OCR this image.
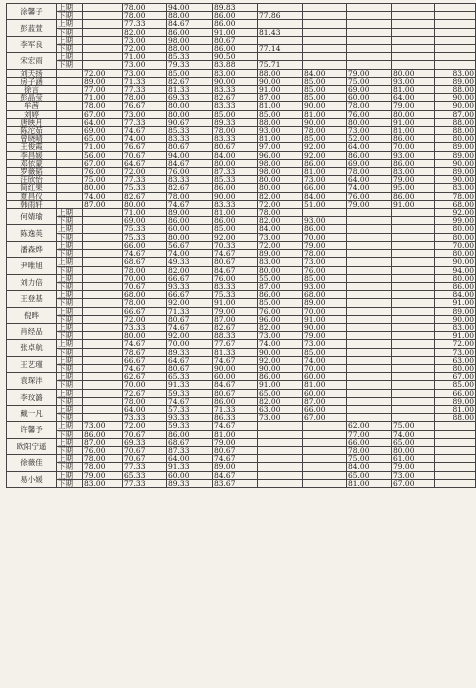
涂馨子	上期		78.00	94.00	89.83					
	下期		78.00	88.00	86.00	77.86				
彭蓝萱	上期		77.33	84.67	86.00					
	下期		82.00	86.00	91.00	81.43				
李军良	上期		73.00	98.00	80.67					
	下期		72.00	88.00	86.00	77.14				
宋宏雨	上期		71.00	85.33	90.50					
	下期		73.00	79.33	83.88	75.71				
刘天扬		72.00	73.00	85.00	83.00	88.00	84.00	79.00	80.00	83.00
房子涵		89.00	71.33	82.67	90.00	90.00	85.00	75.00	93.00	89.00
徐言		77.00	77.33	81.33	83.33	91.00	85.00	69.00	81.00	88.00
彭晶莹		71.00	78.00	69.33	82.67	87.00	85.00	60.00	64.00	90.00
牟茜		78.00	76.67	80.00	83.33	81.00	90.00	78.00	79.00	90.00
刘婷		67.00	73.00	80.00	85.00	85.00	81.00	76.00	80.00	87.00
唐映月		64.00	77.33	90.67	89.33	88.00	90.00	80.00	91.00	88.00
陈沱茹		69.00	74.67	85.33	78.00	93.00	78.00	73.00	81.00	88.00
曾晓晴		65.00	74.00	83.33	83.33	81.00	85.00	52.00	86.00	80.00
王俊霞		71.00	76.67	80.67	80.67	97.00	92.00	64.00	70.00	89.00
李昌媛		56.00	70.67	94.00	84.00	96.00	92.00	86.00	93.00	89.00
邓依蒙		67.00	64.67	84.67	80.00	98.00	86.00	69.00	86.00	90.00
罗薇韬		76.00	72.00	76.00	87.33	98.00	81.00	78.00	83.00	89.00
汪欣怡		75.00	77.33	83.33	85.33	80.00	73.00	64.00	79.00	90.00
简红果		80.00	75.33	82.67	86.00	80.00	66.00	74.00	95.00	83.00
夏昌仪		74.00	82.67	78.00	90.00	82.00	84.00	76.00	86.00	78.00
韩雨轩		87.00	80.00	74.67	83.33	72.00	51.00	79.00	91.00	68.00
何婧瑜	上期		71.00	89.00	81.00	78.00				92.00
	下期		69.00	86.00	86.00	82.00	93.00			99.00
陈逸英	上期		75.33	60.00	85.00	84.00	86.00			80.00
	下期		75.33	80.00	92.00	73.00	70.00			80.00
潘森烨	上期		66.00	56.67	70.33	72.00	79.00			70.00
	下期		74.67	74.00	74.67	89.00	78.00			80.00
尹唯旭	上期		68.67	49.33	80.67	83.00	73.00			90.00
	下期		78.00	82.00	84.67	80.00	76.00			94.00
刘力倍	上期		70.00	66.67	76.00	55.00	85.00			80.00
	下期		70.67	93.33	83.33	87.00	93.00			86.00
王登基	上期		68.00	66.67	75.33	86.00	68.00			84.00
	下期		78.00	92.00	91.00	85.00	89.00			91.00
倪晔	上期		66.67	71.33	79.00	76.00	70.00			89.00
	下期		72.00	80.67	87.00	96.00	91.00			90.00
肖经品	上期		73.33	74.67	82.67	82.00	90.00			83.00
	下期		80.00	92.00	88.33	73.00	79.00			91.00
张卓航	上期		74.67	70.00	77.67	74.00	73.00			72.00
	下期		78.67	89.33	81.33	90.00	85.00			73.00
王艺瑾	上期		66.67	64.67	74.67	92.00	74.00			63.00
	下期		74.67	80.67	90.00	90.00	70.00			80.00
袁琛沣	上期		62.67	65.33	60.00	86.00	60.00			67.00
	下期		70.00	91.33	84.67	91.00	81.00			85.00
李玟潞	上期		72.67	59.33	80.67	65.00	60.00			66.00
	下期		78.00	74.67	86.00	82.00	87.00			89.00
戴一凡	上期		64.00	57.33	71.33	63.00	66.00			81.00
	下期		73.33	93.33	86.33	73.00	67.00			88.00
许馨予	上期	73.00	72.00	59.33	74.67			62.00	75.00	
	下期	86.00	70.67	86.00	81.00			77.00	74.00	
欧阳宁遥	上期	87.00	69.33	68.67	79.00			66.00	65.00	
	下期	76.00	70.67	87.33	80.67			78.00	80.00	
徐薇佳	上期	78.00	70.67	64.00	74.67			75.00	61.00	
	下期	78.00	77.33	91.33	89.00			84.00	79.00	
易小媛	上期	79.00	65.33	60.00	84.67			65.00	73.00	
	下期	83.00	77.33	89.33	83.67			81.00	67.00	
